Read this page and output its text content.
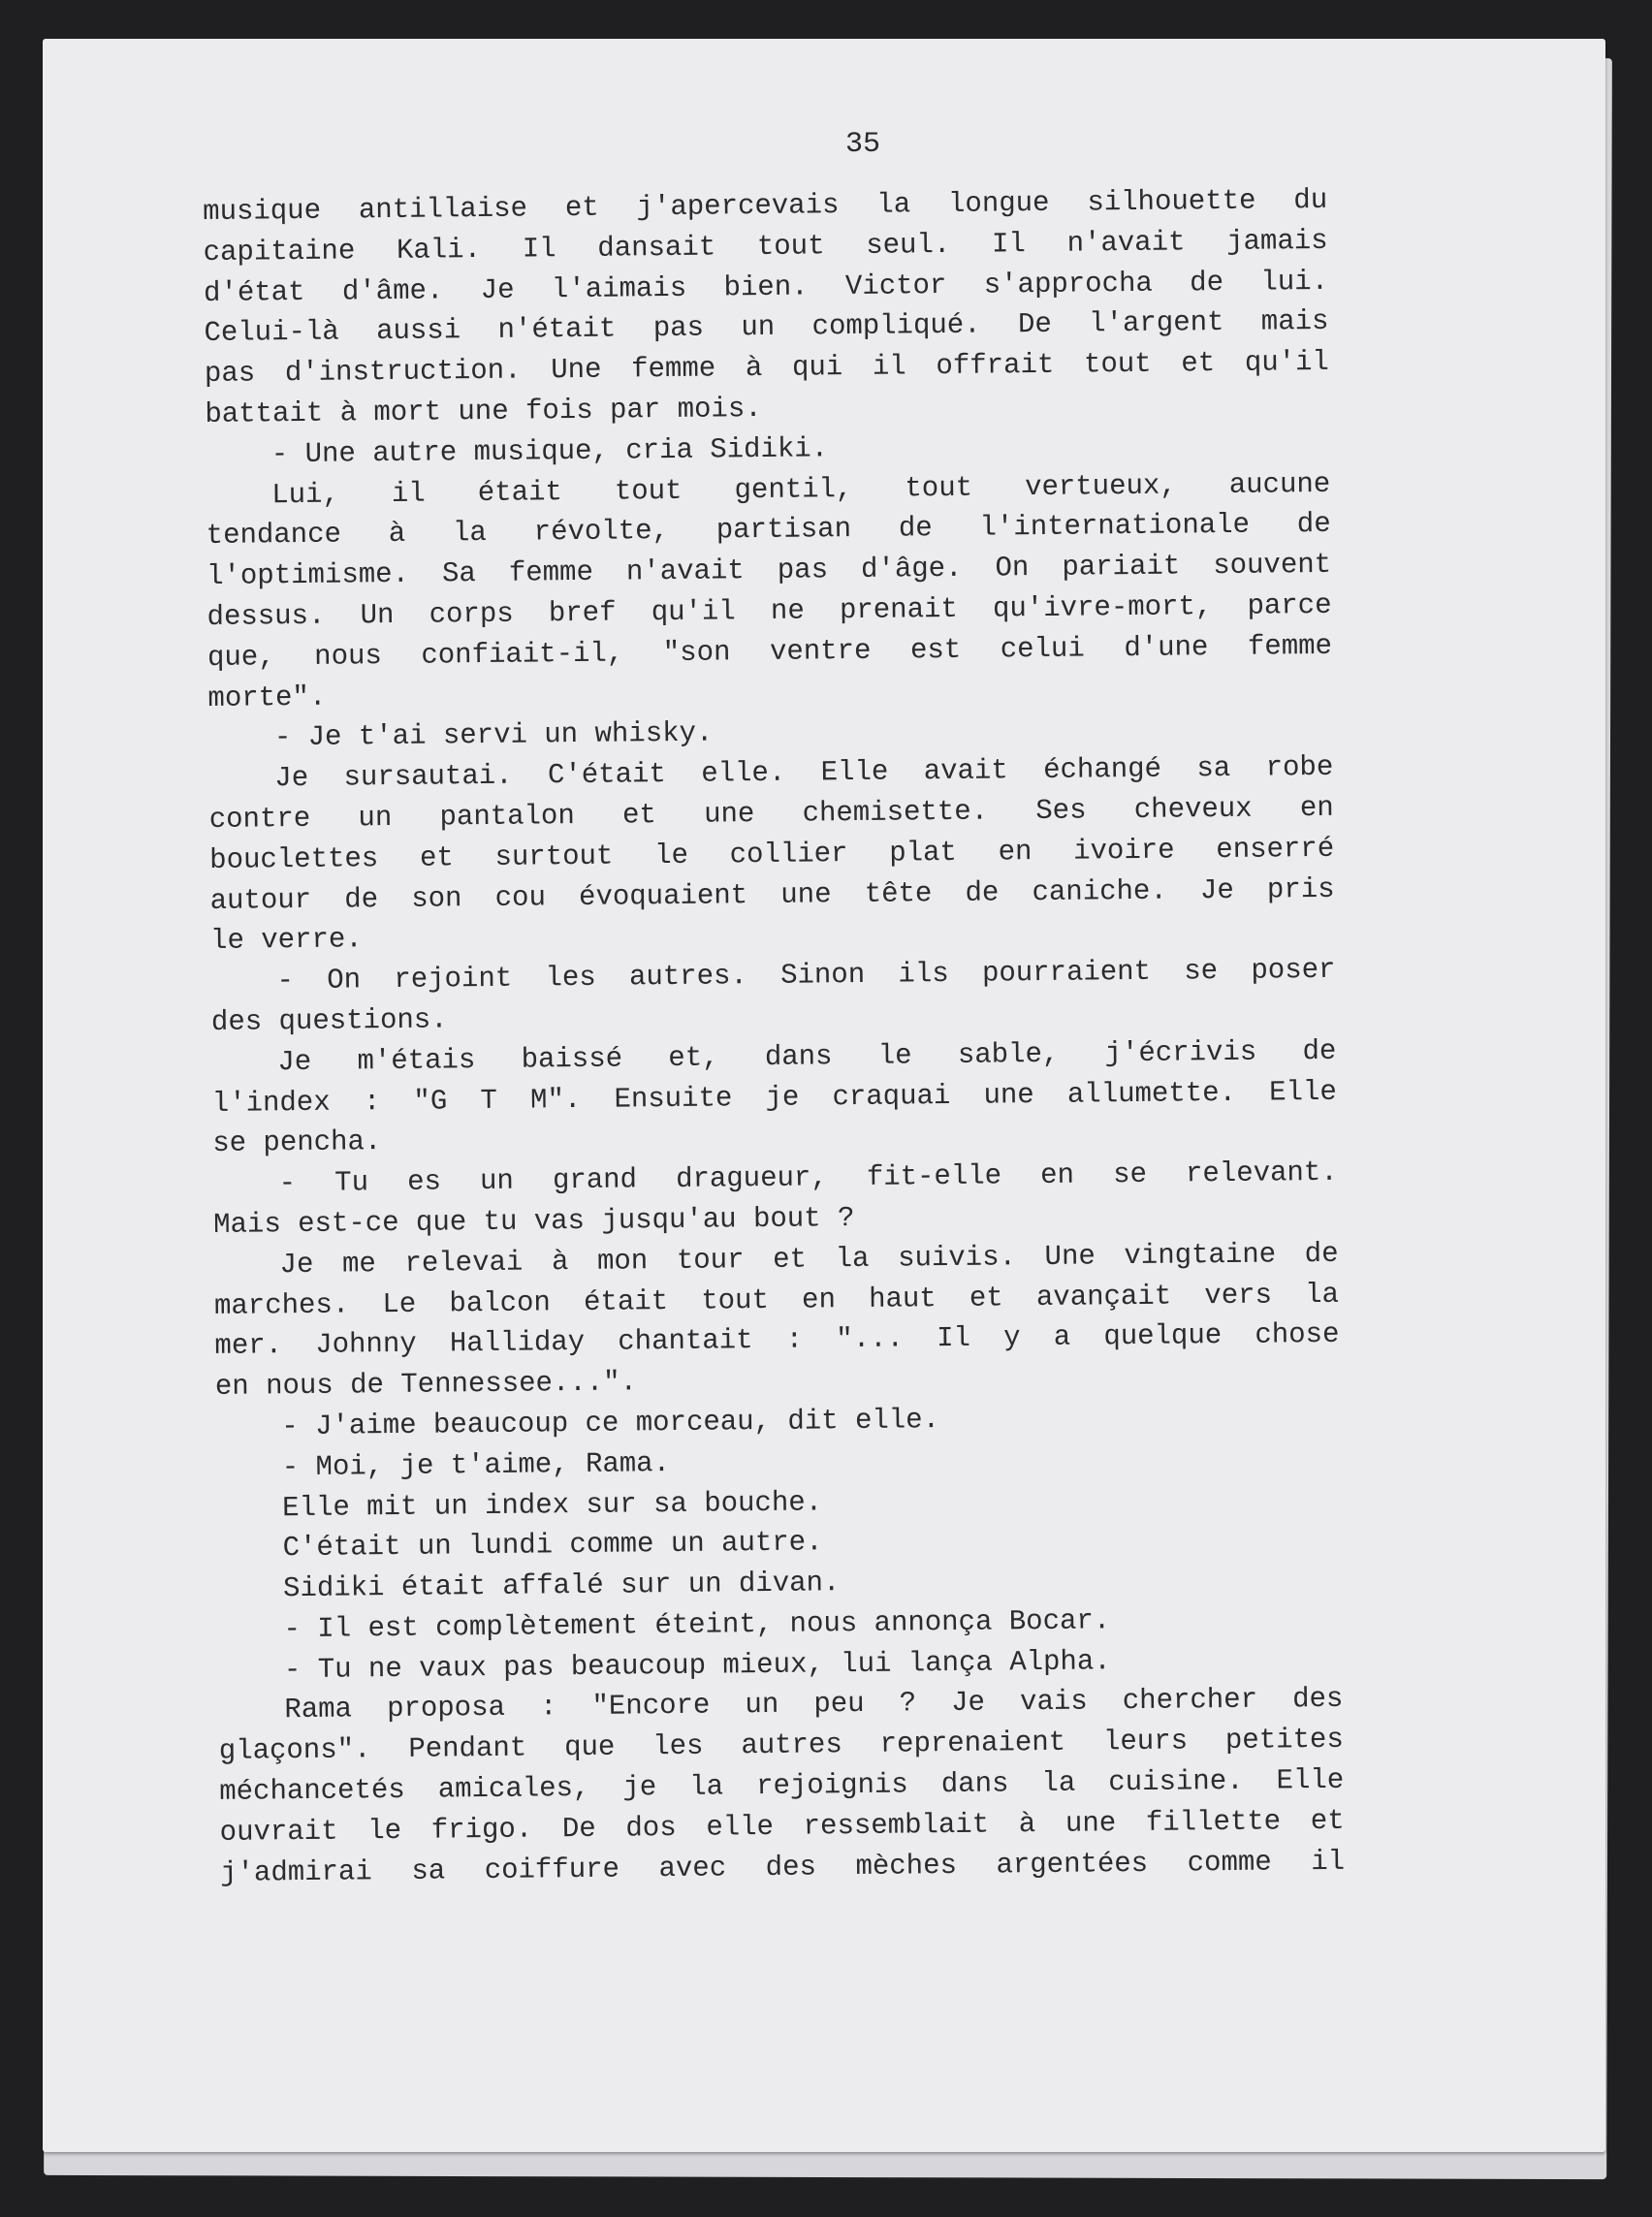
35
musique antillaise et j'apercevais la longue silhouette du
capitaine Kali. Il dansait tout seul. Il n'avait jamais
d'état d'âme. Je l'aimais bien. Victor s'approcha de lui.
Celui-là aussi n'était pas un compliqué. De l'argent mais
pas d'instruction. Une femme à qui il offrait tout et qu'il
battait à mort une fois par mois.
- Une autre musique, cria Sidiki.
Lui, il était tout gentil, tout vertueux, aucune
tendance à la révolte, partisan de l'internationale de
l'optimisme. Sa femme n'avait pas d'âge. On pariait souvent
dessus. Un corps bref qu'il ne prenait qu'ivre-mort, parce
que, nous confiait-il, "son ventre est celui d'une femme
morte".
- Je t'ai servi un whisky.
Je sursautai. C'était elle. Elle avait échangé sa robe
contre un pantalon et une chemisette. Ses cheveux en
bouclettes et surtout le collier plat en ivoire enserré
autour de son cou évoquaient une tête de caniche. Je pris
le verre.
- On rejoint les autres. Sinon ils pourraient se poser
des questions.
Je m'étais baissé et, dans le sable, j'écrivis de
l'index : "G T M". Ensuite je craquai une allumette. Elle
se pencha.
- Tu es un grand dragueur, fit-elle en se relevant.
Mais est-ce que tu vas jusqu'au bout ?
Je me relevai à mon tour et la suivis. Une vingtaine de
marches. Le balcon était tout en haut et avançait vers la
mer. Johnny Halliday chantait : "... Il y a quelque chose
en nous de Tennessee...".
- J'aime beaucoup ce morceau, dit elle.
- Moi, je t'aime, Rama.
Elle mit un index sur sa bouche.
C'était un lundi comme un autre.
Sidiki était affalé sur un divan.
- Il est complètement éteint, nous annonça Bocar.
- Tu ne vaux pas beaucoup mieux, lui lança Alpha.
Rama proposa : "Encore un peu ? Je vais chercher des
glaçons". Pendant que les autres reprenaient leurs petites
méchancetés amicales, je la rejoignis dans la cuisine. Elle
ouvrait le frigo. De dos elle ressemblait à une fillette et
j'admirai sa coiffure avec des mèches argentées comme il
